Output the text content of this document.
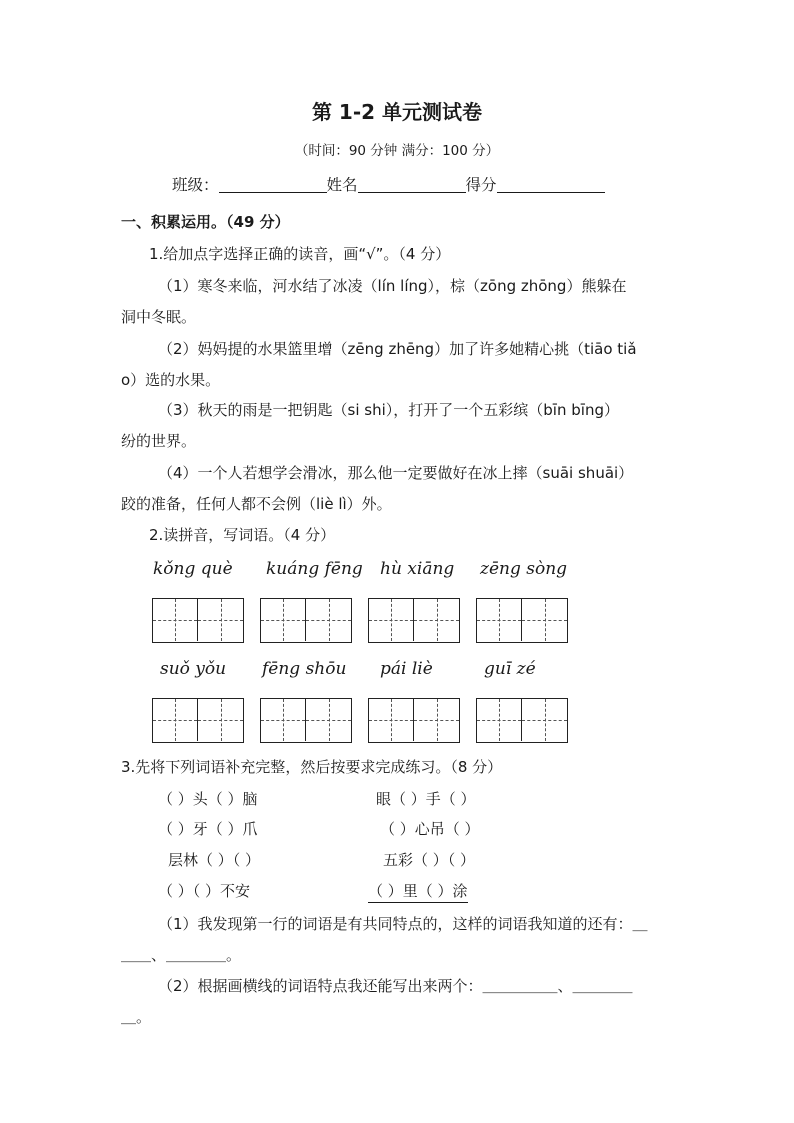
第 1-2 单元测试卷
（时间：90 分钟 满分：100 分）
班级：	姓名	得分
一、积累运用。（49 分）
1.给加点字选择正确的读音，画“√”。（4 分）
（1）寒冬来临，河水结了冰凌（lín líng），棕（zōng zhōng）熊躲在
洞中冬眠。
（2）妈妈提的水果篮里增（zēng zhēng）加了许多她精心挑（tiāo tiǎ
o）选的水果。
（3）秋天的雨是一把钥匙（si shi），打开了一个五彩缤（bīn bīng）
纷的世界。
（4）一个人若想学会滑冰，那么他一定要做好在冰上摔（suāi shuāi）
跤的准备，任何人都不会例（liè lì）外。
2.读拼音，写词语。（4 分）
kǒng què kuáng fēng hù xiāng zēng sòng
suǒ yǒu fēng shōu pái liè	guī zé
3.先将下列词语补充完整，然后按要求完成练习。（8 分）
（ ）头（ ）脑	眼（ ）手（ ）
（ ）牙（ ）爪	（ ）心吊（ ）
层林（ ）（ ）	五彩（ ）（ ）
（ ）（ ）不安	（ ）里（ ）涂
（1）我发现第一行的词语是有共同特点的，这样的词语我知道的还有：＿
＿＿、＿＿＿＿。
（2）根据画横线的词语特点我还能写出来两个：＿＿＿＿＿、＿＿＿＿
＿。
